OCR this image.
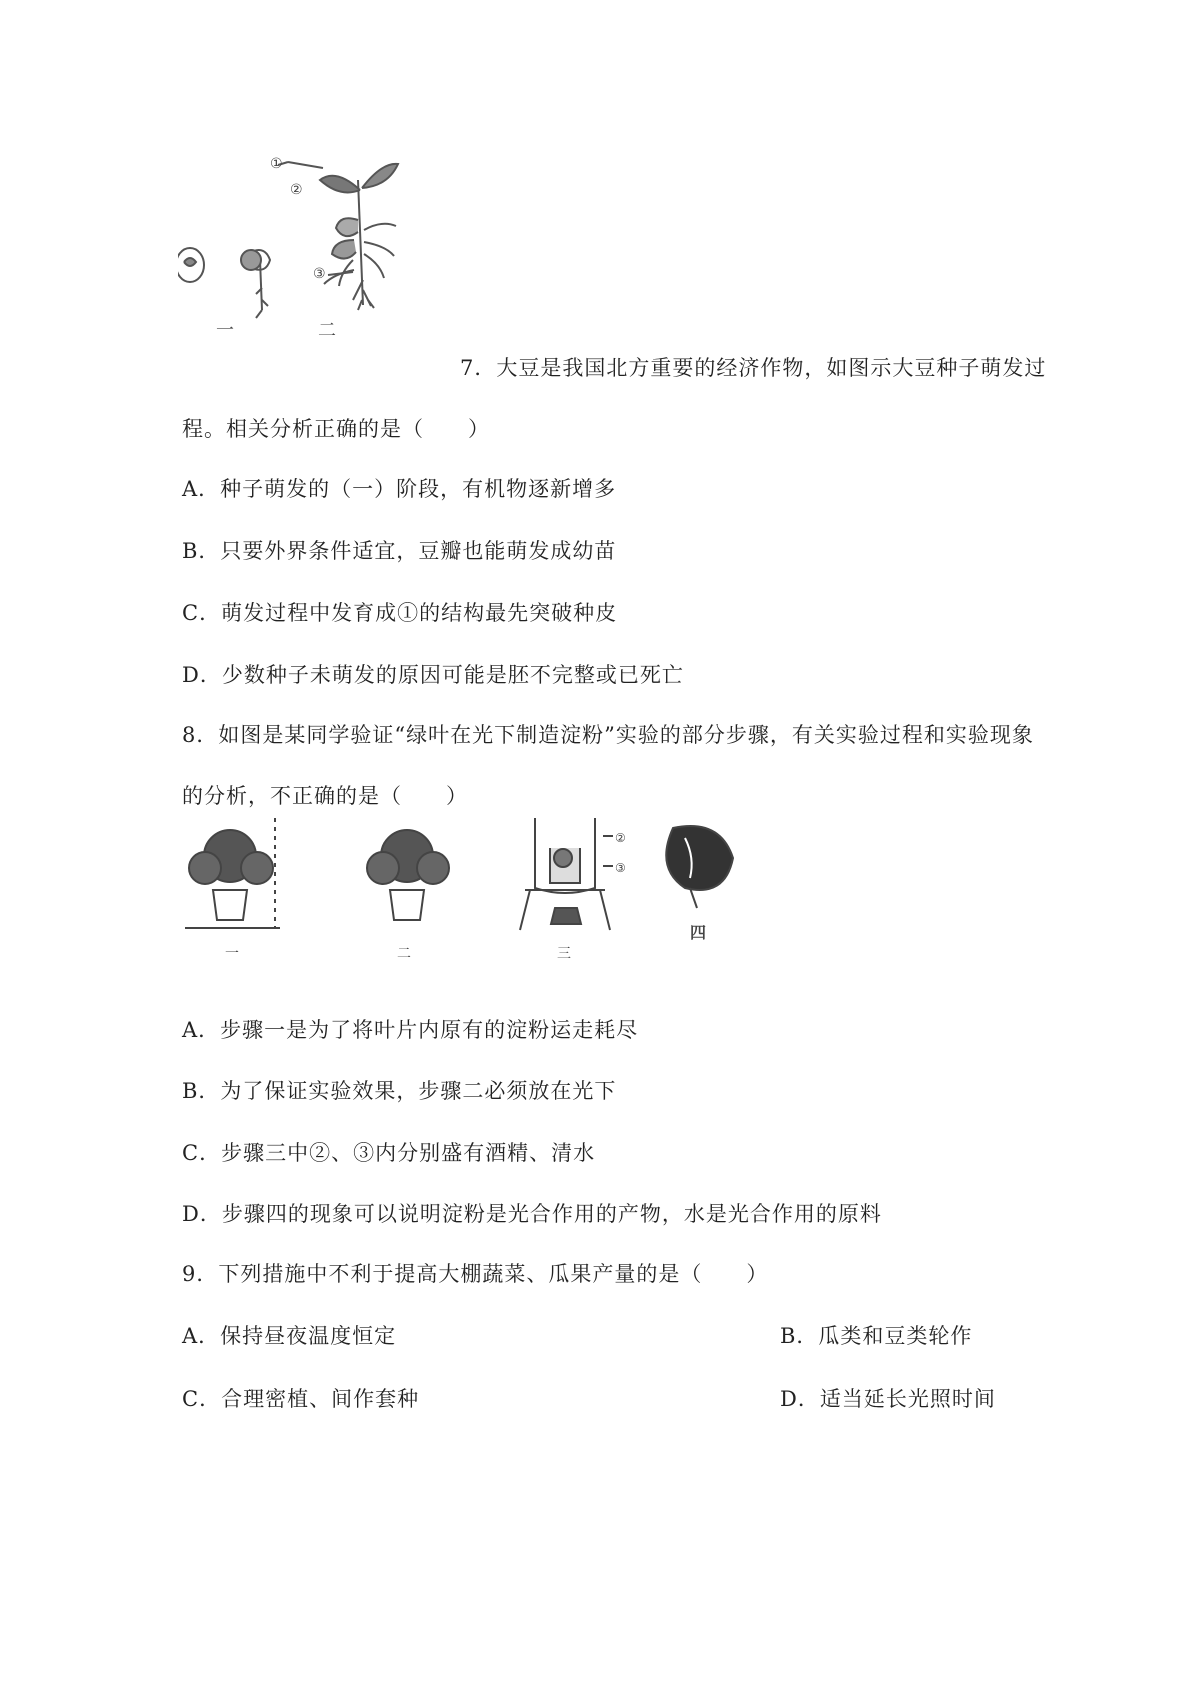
①
②
③
一	二
7．大豆是我国北方重要的经济作物，如图示大豆种子萌发过
程。相关分析正确的是（　　）
A．种子萌发的（一）阶段，有机物逐新增多
B．只要外界条件适宜，豆瓣也能萌发成幼苗
C．萌发过程中发育成①的结构最先突破种皮
D．少数种子未萌发的原因可能是胚不完整或已死亡
8．如图是某同学验证“绿叶在光下制造淀粉”实验的部分步骤，有关实验过程和实验现象
的分析，不正确的是（　　）
一	二	三
四
②
③
A．步骤一是为了将叶片内原有的淀粉运走耗尽
B．为了保证实验效果，步骤二必须放在光下
C．步骤三中②、③内分别盛有酒精、清水
D．步骤四的现象可以说明淀粉是光合作用的产物，水是光合作用的原料
9．下列措施中不利于提高大棚蔬菜、瓜果产量的是（　　）
A．保持昼夜温度恒定	B．瓜类和豆类轮作
C．合理密植、间作套种	D．适当延长光照时间
